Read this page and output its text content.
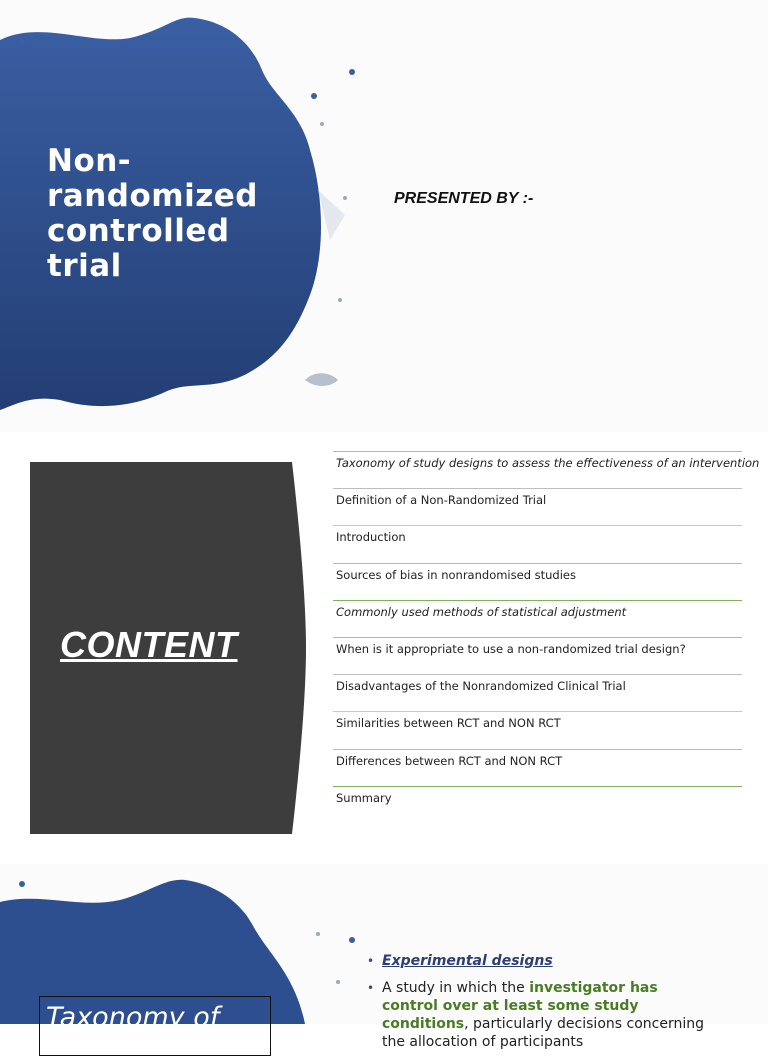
Non-
randomized
controlled
trial
PRESENTED BY :-
CONTENT
Taxonomy of study designs to assess the effectiveness of an intervention
Definition of a Non-Randomized Trial
Introduction
Sources of bias in nonrandomised studies
Commonly used methods of statistical adjustment
When is it appropriate to use a non-randomized trial design?
Disadvantages of the Nonrandomized Clinical Trial
Similarities between RCT and NON RCT
Differences between RCT and NON RCT
Summary
Taxonomy of
• Experimental designs
• A study in which the investigator has control over at least some study conditions, particularly decisions concerning the allocation of participants
